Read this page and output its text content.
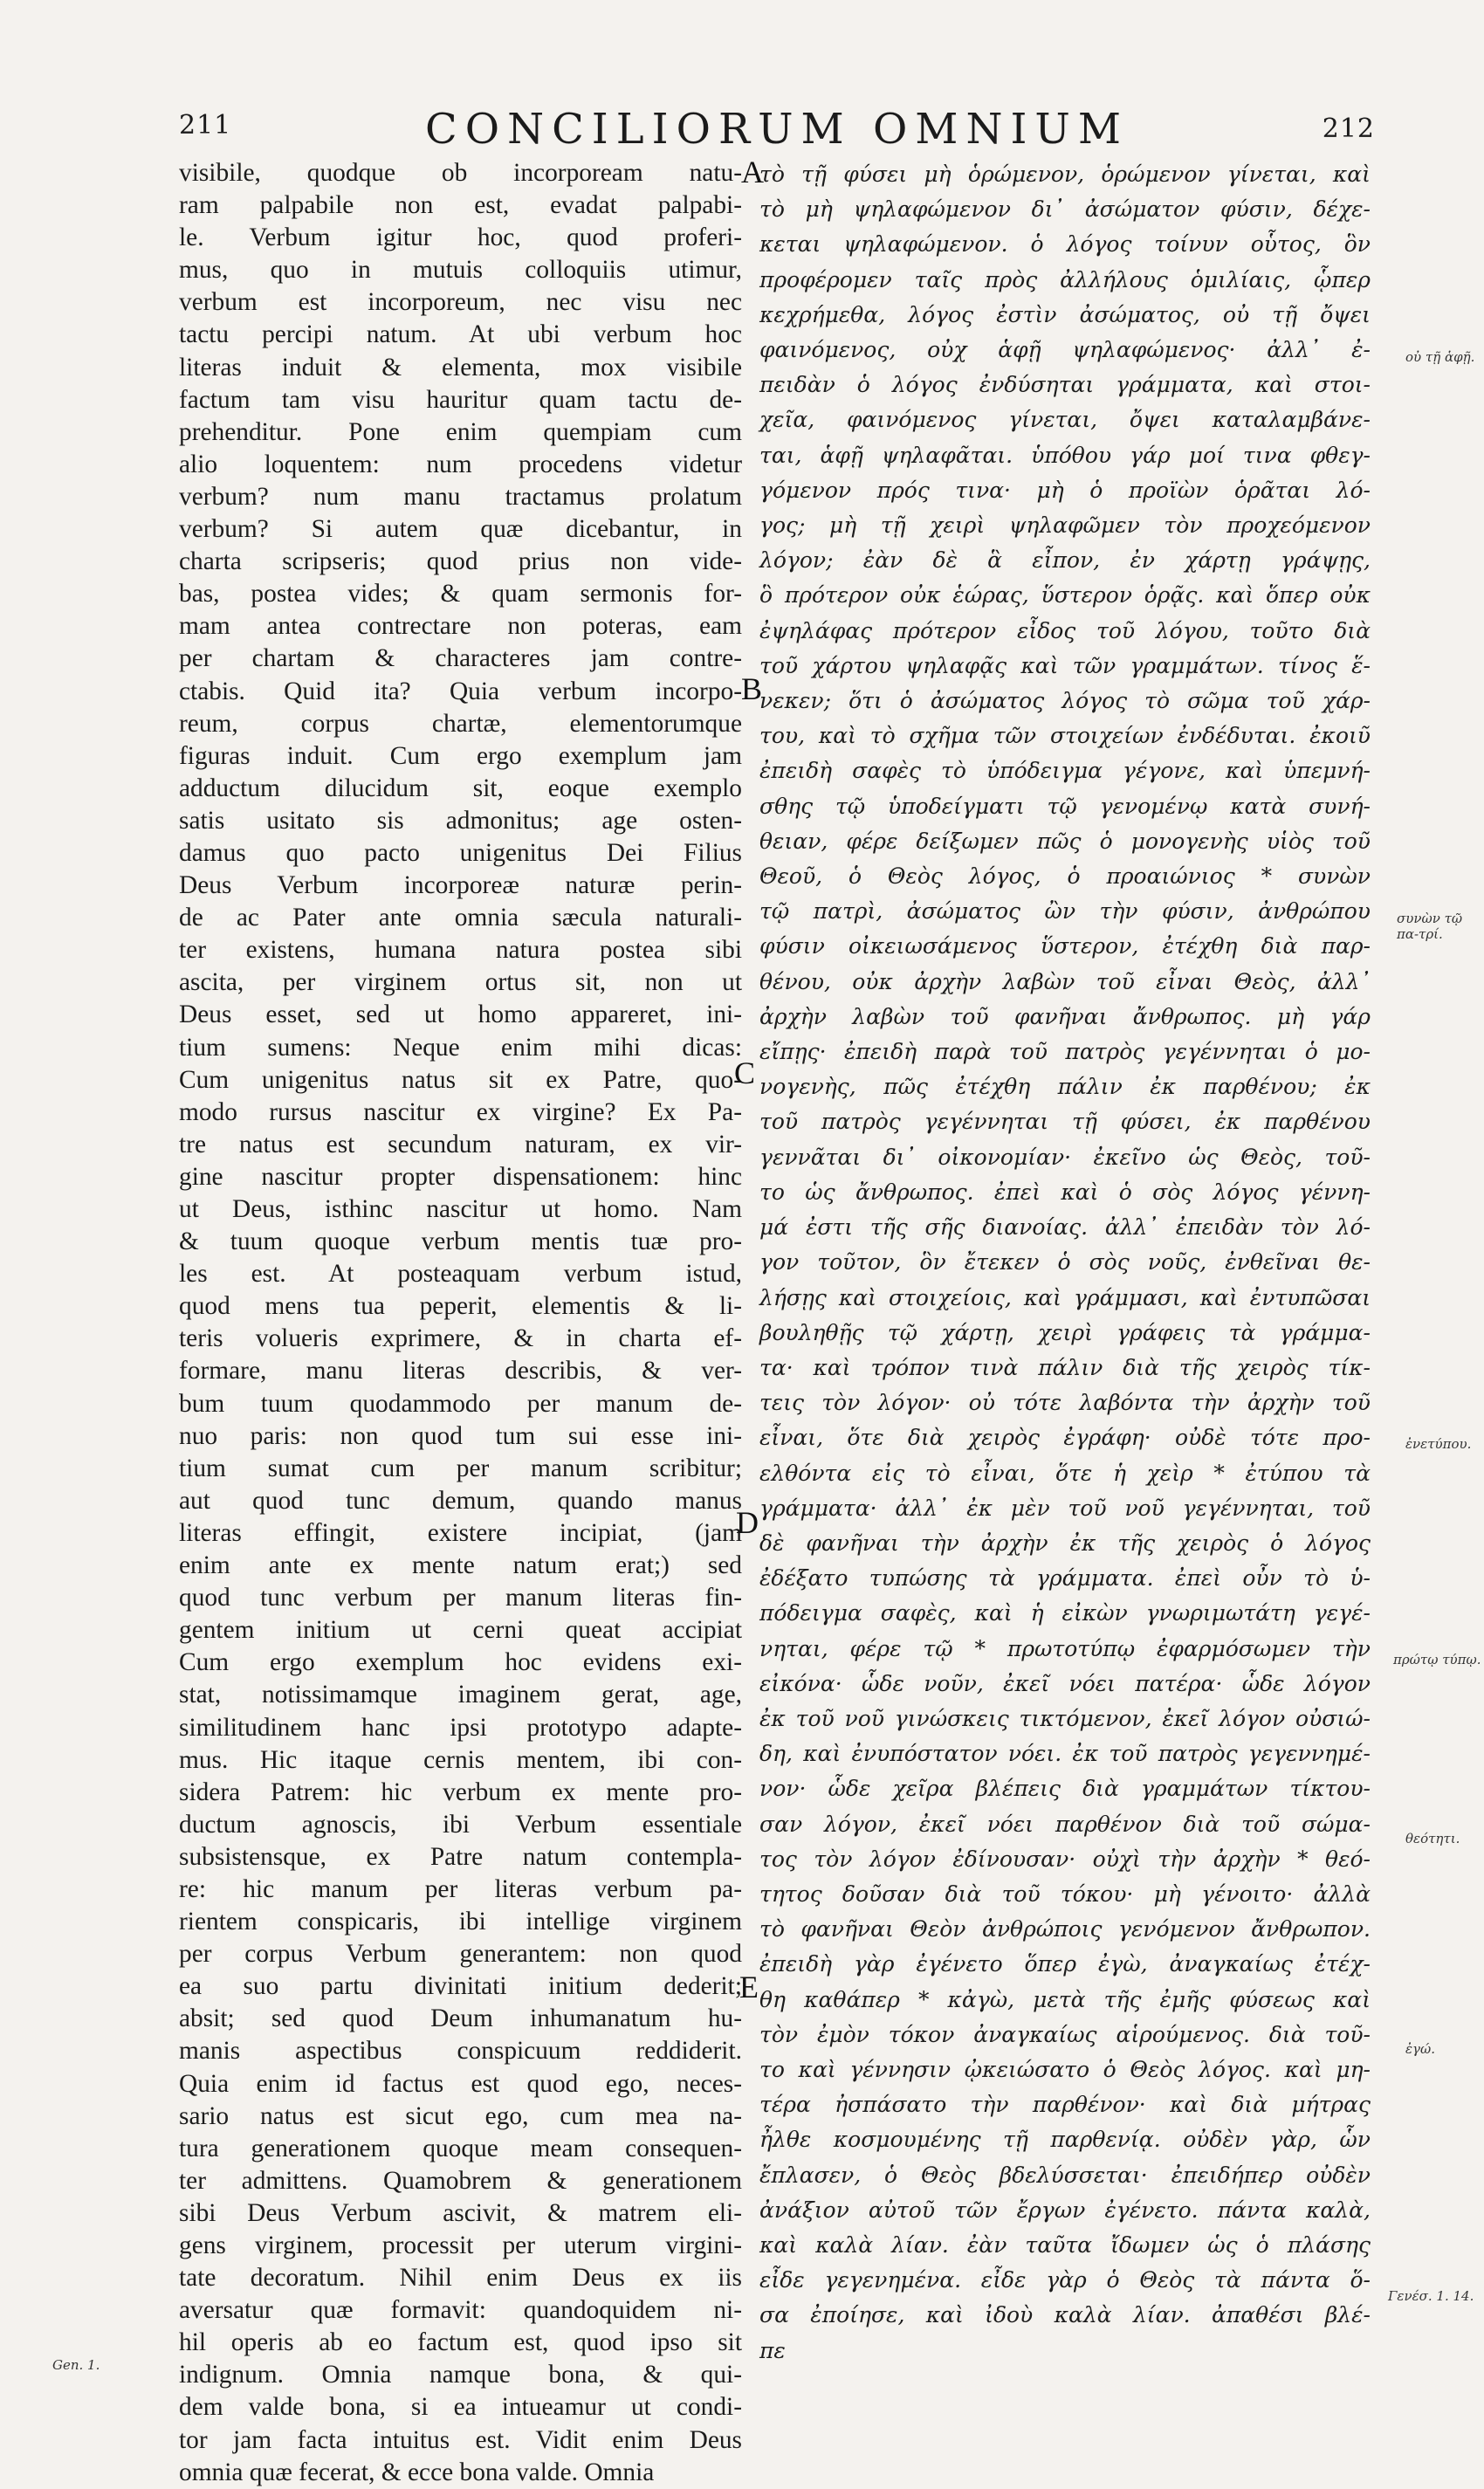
211	CONCILIORUM OMNIUM	212
visibile, quodque ob incorpoream natu-
ram palpabile non est, evadat palpabi-
le. Verbum igitur hoc, quod proferi-
mus, quo in mutuis colloquiis utimur,
verbum est incorporeum, nec visu nec
tactu percipi natum. At ubi verbum hoc
literas induit & elementa, mox visibile
factum tam visu hauritur quam tactu de-
prehenditur. Pone enim quempiam cum
alio loquentem: num procedens videtur
verbum? num manu tractamus prolatum
verbum? Si autem quæ dicebantur, in
charta scripseris; quod prius non vide-
bas, postea vides; & quam sermonis for-
mam antea contrectare non poteras, eam
per chartam & characteres jam contre-
ctabis. Quid ita? Quia verbum incorpo-
reum, corpus chartæ, elementorumque
figuras induit. Cum ergo exemplum jam
adductum dilucidum sit, eoque exemplo
satis usitato sis admonitus; age osten-
damus quo pacto unigenitus Dei Filius
Deus Verbum incorporeæ naturæ perin-
de ac Pater ante omnia sæcula naturali-
ter existens, humana natura postea sibi
ascita, per virginem ortus sit, non ut
Deus esset, sed ut homo appareret, ini-
tium sumens: Neque enim mihi dicas:
Cum unigenitus natus sit ex Patre, quo-
modo rursus nascitur ex virgine? Ex Pa-
tre natus est secundum naturam, ex vir-
gine nascitur propter dispensationem: hinc
ut Deus, isthinc nascitur ut homo. Nam
& tuum quoque verbum mentis tuæ pro-
les est. At posteaquam verbum istud,
quod mens tua peperit, elementis & li-
teris volueris exprimere, & in charta ef-
formare, manu literas describis, & ver-
bum tuum quodammodo per manum de-
nuo paris: non quod tum sui esse ini-
tium sumat cum per manum scribitur;
aut quod tunc demum, quando manus
literas effingit, existere incipiat, (jam
enim ante ex mente natum erat;) sed
quod tunc verbum per manum literas fin-
gentem initium ut cerni queat accipiat
Cum ergo exemplum hoc evidens exi-
stat, notissimamque imaginem gerat, age,
similitudinem hanc ipsi prototypo adapte-
mus. Hic itaque cernis mentem, ibi con-
sidera Patrem: hic verbum ex mente pro-
ductum agnoscis, ibi Verbum essentiale
subsistensque, ex Patre natum contempla-
re: hic manum per literas verbum pa-
rientem conspicaris, ibi intellige virginem
per corpus Verbum generantem: non quod
ea suo partu divinitati initium dederit;
absit; sed quod Deum inhumanatum hu-
manis aspectibus conspicuum reddiderit.
Quia enim id factus est quod ego, neces-
sario natus est sicut ego, cum mea na-
tura generationem quoque meam consequen-
ter admittens. Quamobrem & generationem
sibi Deus Verbum ascivit, & matrem eli-
gens virginem, processit per uterum virgini-
tate decoratum. Nihil enim Deus ex iis
aversatur quæ formavit: quandoquidem ni-
hil operis ab eo factum est, quod ipso sit
indignum. Omnia namque bona, & qui-
dem valde bona, si ea intueamur ut condi-
tor jam facta intuitus est. Vidit enim Deus
omnia quæ fecerat, & ecce bona valde. Omnia
τὸ τῇ φύσει μὴ ὁρώμενον, ὁρώμενον γίνεται, καὶ
τὸ μὴ ψηλαφώμενον δι᾽ ἀσώματον φύσιν, δέχε-
κεται ψηλαφώμενον. ὁ λόγος τοίνυν οὗτος, ὃν
προφέρομεν ταῖς πρὸς ἀλλήλους ὁμιλίαις, ᾧπερ
κεχρήμεθα, λόγος ἐστὶν ἀσώματος, οὐ τῇ ὄψει
φαινόμενος, οὐχ ἁφῇ ψηλαφώμενος· ἀλλ᾽ ἐ-
πειδὰν ὁ λόγος ἐνδύσηται γράμματα, καὶ στοι-
χεῖα, φαινόμενος γίνεται, ὄψει καταλαμβάνε-
ται, ἁφῇ ψηλαφᾶται. ὑπόθου γάρ μοί τινα φθεγ-
γόμενον πρός τινα· μὴ ὁ προϊὼν ὁρᾶται λό-
γος; μὴ τῇ χειρὶ ψηλαφῶμεν τὸν προχεόμενον
λόγον; ἐὰν δὲ ἃ εἶπον, ἐν χάρτῃ γράψῃς,
ὃ πρότερον οὐκ ἑώρας, ὕστερον ὁρᾷς. καὶ ὅπερ οὐκ
ἐψηλάφας πρότερον εἶδος τοῦ λόγου, τοῦτο διὰ
τοῦ χάρτου ψηλαφᾷς καὶ τῶν γραμμάτων. τίνος ἕ-
νεκεν; ὅτι ὁ ἀσώματος λόγος τὸ σῶμα τοῦ χάρ-
του, καὶ τὸ σχῆμα τῶν στοιχείων ἐνδέδυται. ἐκοιῦ
ἐπειδὴ σαφὲς τὸ ὑπόδειγμα γέγονε, καὶ ὑπεμνή-
σθης τῷ ὑποδείγματι τῷ γενομένῳ κατὰ συνή-
θειαν, φέρε δείξωμεν πῶς ὁ μονογενὴς υἱὸς τοῦ
Θεοῦ, ὁ Θεὸς λόγος, ὁ προαιώνιος * συνὼν
τῷ πατρὶ, ἀσώματος ὢν τὴν φύσιν, ἀνθρώπου
φύσιν οἰκειωσάμενος ὕστερον, ἐτέχθη διὰ παρ-
θένου, οὐκ ἀρχὴν λαβὼν τοῦ εἶναι Θεὸς, ἀλλ᾽
ἀρχὴν λαβὼν τοῦ φανῆναι ἄνθρωπος. μὴ γάρ
εἴπῃς· ἐπειδὴ παρὰ τοῦ πατρὸς γεγέννηται ὁ μο-
νογενὴς, πῶς ἐτέχθη πάλιν ἐκ παρθένου; ἐκ
τοῦ πατρὸς γεγέννηται τῇ φύσει, ἐκ παρθένου
γεννᾶται δι᾽ οἰκονομίαν· ἐκεῖνο ὡς Θεὸς, τοῦ-
το ὡς ἄνθρωπος. ἐπεὶ καὶ ὁ σὸς λόγος γέννη-
μά ἐστι τῆς σῆς διανοίας. ἀλλ᾽ ἐπειδὰν τὸν λό-
γον τοῦτον, ὃν ἔτεκεν ὁ σὸς νοῦς, ἐνθεῖναι θε-
λήσῃς καὶ στοιχείοις, καὶ γράμμασι, καὶ ἐντυπῶσαι
βουληθῇς τῷ χάρτῃ, χειρὶ γράφεις τὰ γράμμα-
τα· καὶ τρόπον τινὰ πάλιν διὰ τῆς χειρὸς τίκ-
τεις τὸν λόγον· οὐ τότε λαβόντα τὴν ἀρχὴν τοῦ
εἶναι, ὅτε διὰ χειρὸς ἐγράφη· οὐδὲ τότε προ-
ελθόντα εἰς τὸ εἶναι, ὅτε ἡ χεὶρ * ἐτύπου τὰ
γράμματα· ἀλλ᾽ ἐκ μὲν τοῦ νοῦ γεγέννηται, τοῦ
δὲ φανῆναι τὴν ἀρχὴν ἐκ τῆς χειρὸς ὁ λόγος
ἐδέξατο τυπώσης τὰ γράμματα. ἐπεὶ οὖν τὸ ὑ-
πόδειγμα σαφὲς, καὶ ἡ εἰκὼν γνωριμωτάτη γεγέ-
νηται, φέρε τῷ * πρωτοτύπῳ ἐφαρμόσωμεν τὴν
εἰκόνα· ὧδε νοῦν, ἐκεῖ νόει πατέρα· ὧδε λόγον
ἐκ τοῦ νοῦ γινώσκεις τικτόμενον, ἐκεῖ λόγον οὐσιώ-
δη, καὶ ἐνυπόστατον νόει. ἐκ τοῦ πατρὸς γεγεννημέ-
νον· ὧδε χεῖρα βλέπεις διὰ γραμμάτων τίκτου-
σαν λόγον, ἐκεῖ νόει παρθένον διὰ τοῦ σώμα-
τος τὸν λόγον ἐδίνουσαν· οὐχὶ τὴν ἀρχὴν * θεό-
τητος δοῦσαν διὰ τοῦ τόκου· μὴ γένοιτο· ἀλλὰ
τὸ φανῆναι Θεὸν ἀνθρώποις γενόμενον ἄνθρωπον.
ἐπειδὴ γὰρ ἐγένετο ὅπερ ἐγὼ, ἀναγκαίως ἐτέχ-
θη καθάπερ * κἀγὼ, μετὰ τῆς ἐμῆς φύσεως καὶ
τὸν ἐμὸν τόκον ἀναγκαίως αἱρούμενος. διὰ τοῦ-
το καὶ γέννησιν ᾠκειώσατο ὁ Θεὸς λόγος. καὶ μη-
τέρα ἠσπάσατο τὴν παρθένον· καὶ διὰ μήτρας
ἦλθε κοσμουμένης τῇ παρθενίᾳ. οὐδὲν γὰρ, ὧν
ἔπλασεν, ὁ Θεὸς βδελύσσεται· ἐπειδήπερ οὐδὲν
ἀνάξιον αὐτοῦ τῶν ἔργων ἐγένετο. πάντα καλὰ,
καὶ καλὰ λίαν. ἐὰν ταῦτα ἴδωμεν ὡς ὁ πλάσης
εἶδε γεγενημένα. εἶδε γὰρ ὁ Θεὸς τὰ πάντα ὅ-
σα ἐποίησε, καὶ ἰδοὺ καλὰ λίαν. ἀπαθέσι βλέ-
πε
A
B
C
D
E
οὐ τῇ ἁφῇ.
συνὼν τῷ πα-τρί.
ἐνετύπου.
πρώτῳ τύπῳ.
θεότητι.
ἐγώ.
Γενέσ. 1. 14.
Gen. 1.
